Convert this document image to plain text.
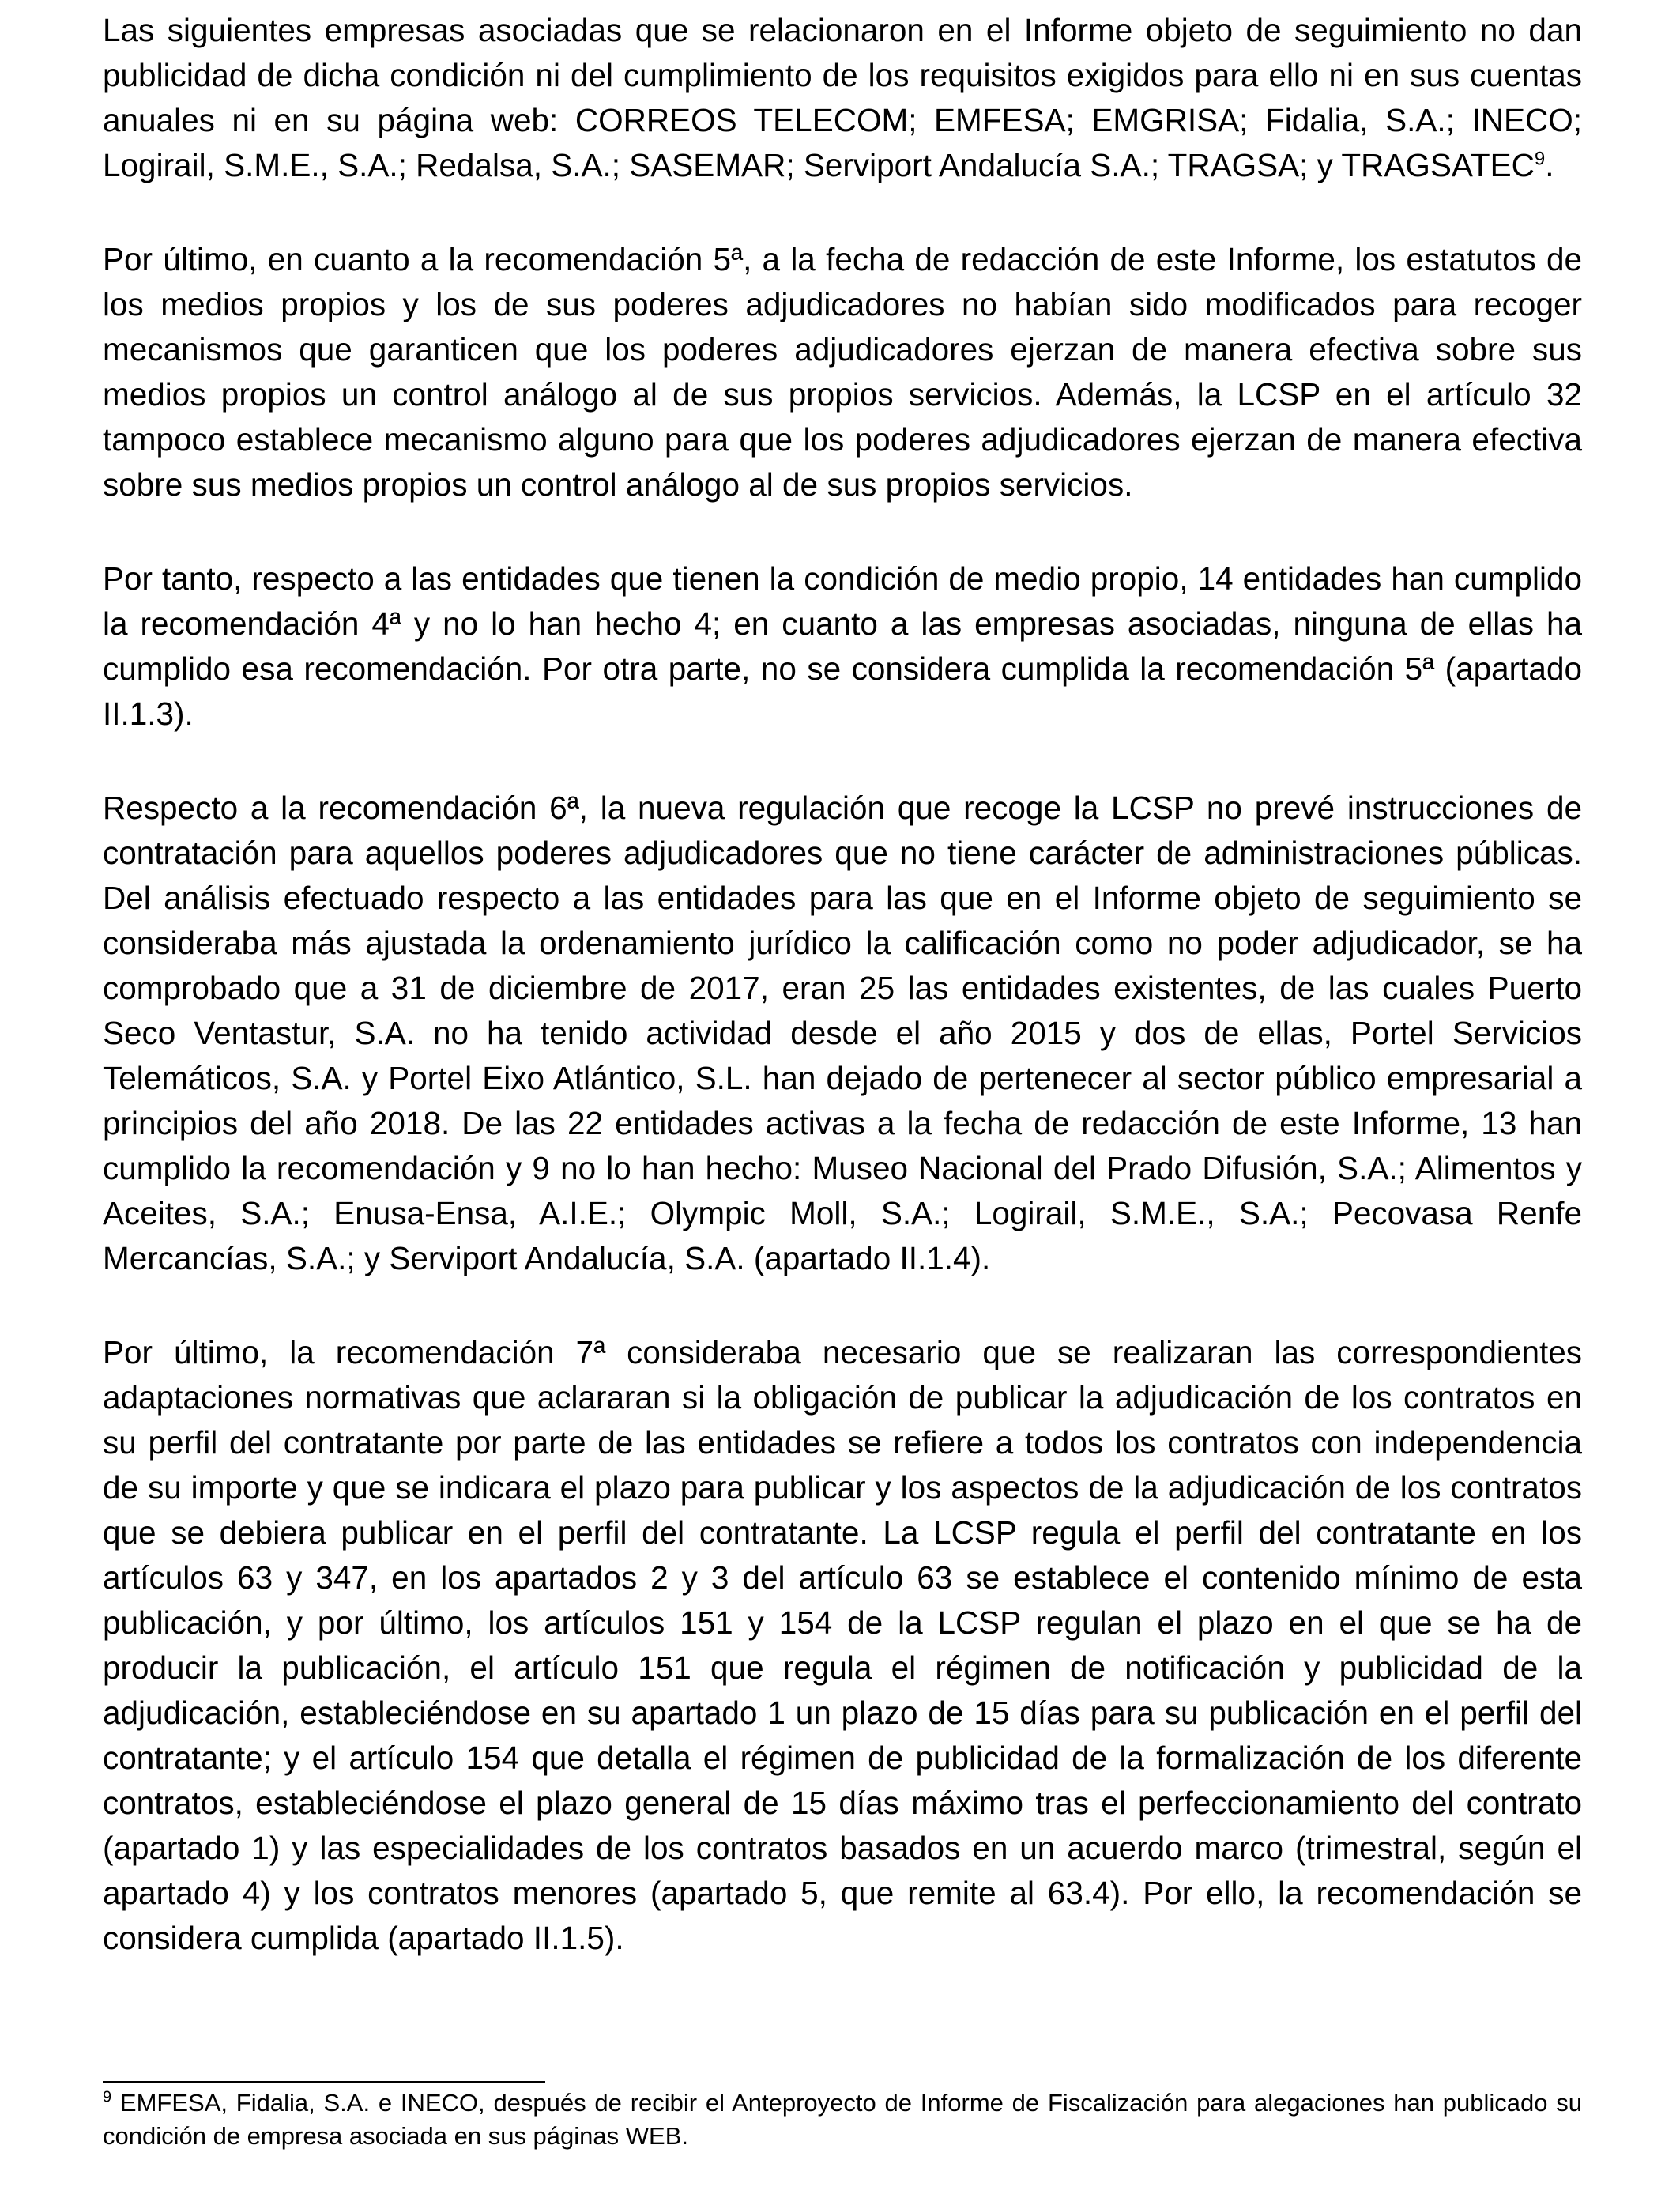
Las siguientes empresas asociadas que se relacionaron en el Informe objeto de seguimiento no dan publicidad de dicha condición ni del cumplimiento de los requisitos exigidos para ello ni en sus cuentas anuales ni en su página web: CORREOS TELECOM; EMFESA; EMGRISA; Fidalia, S.A.; INECO; Logirail, S.M.E., S.A.; Redalsa, S.A.; SASEMAR; Serviport Andalucía S.A.; TRAGSA; y TRAGSATEC$^9$.

Por último, en cuanto a la recomendación 5ª, a la fecha de redacción de este Informe, los estatutos de los medios propios y los de sus poderes adjudicadores no habían sido modificados para recoger mecanismos que garanticen que los poderes adjudicadores ejerzan de manera efectiva sobre sus medios propios un control análogo al de sus propios servicios. Además, la LCSP en el artículo 32 tampoco establece mecanismo alguno para que los poderes adjudicadores ejerzan de manera efectiva sobre sus medios propios un control análogo al de sus propios servicios.

Por tanto, respecto a las entidades que tienen la condición de medio propio, 14 entidades han cumplido la recomendación 4ª y no lo han hecho 4; en cuanto a las empresas asociadas, ninguna de ellas ha cumplido esa recomendación. Por otra parte, no se considera cumplida la recomendación 5ª (apartado II.1.3).

Respecto a la recomendación 6ª, la nueva regulación que recoge la LCSP no prevé instrucciones de contratación para aquellos poderes adjudicadores que no tiene carácter de administraciones públicas. Del análisis efectuado respecto a las entidades para las que en el Informe objeto de seguimiento se consideraba más ajustada la ordenamiento jurídico la calificación como no poder adjudicador, se ha comprobado que a 31 de diciembre de 2017, eran 25 las entidades existentes, de las cuales Puerto Seco Ventastur, S.A. no ha tenido actividad desde el año 2015 y dos de ellas, Portel Servicios Telemáticos, S.A. y Portel Eixo Atlántico, S.L. han dejado de pertenecer al sector público empresarial a principios del año 2018. De las 22 entidades activas a la fecha de redacción de este Informe, 13 han cumplido la recomendación y 9 no lo han hecho: Museo Nacional del Prado Difusión, S.A.; Alimentos y Aceites, S.A.; Enusa-Ensa, A.I.E.; Olympic Moll, S.A.; Logirail, S.M.E., S.A.; Pecovasa Renfe Mercancías, S.A.; y Serviport Andalucía, S.A. (apartado II.1.4).

Por último, la recomendación 7ª consideraba necesario que se realizaran las correspondientes adaptaciones normativas que aclararan si la obligación de publicar la adjudicación de los contratos en su perfil del contratante por parte de las entidades se refiere a todos los contratos con independencia de su importe y que se indicara el plazo para publicar y los aspectos de la adjudicación de los contratos que se debiera publicar en el perfil del contratante. La LCSP regula el perfil del contratante en los artículos 63 y 347, en los apartados 2 y 3 del artículo 63 se establece el contenido mínimo de esta publicación, y por último, los artículos 151 y 154 de la LCSP regulan el plazo en el que se ha de producir la publicación, el artículo 151 que regula el régimen de notificación y publicidad de la adjudicación, estableciéndose en su apartado 1 un plazo de 15 días para su publicación en el perfil del contratante; y el artículo 154 que detalla el régimen de publicidad de la formalización de los diferente contratos, estableciéndose el plazo general de 15 días máximo tras el perfeccionamiento del contrato (apartado 1) y las especialidades de los contratos basados en un acuerdo marco (trimestral, según el apartado 4) y los contratos menores (apartado 5, que remite al 63.4). Por ello, la recomendación se considera cumplida (apartado II.1.5).

$^9$ EMFESA, Fidalia, S.A. e INECO, después de recibir el Anteproyecto de Informe de Fiscalización para alegaciones han publicado su condición de empresa asociada en sus páginas WEB.
